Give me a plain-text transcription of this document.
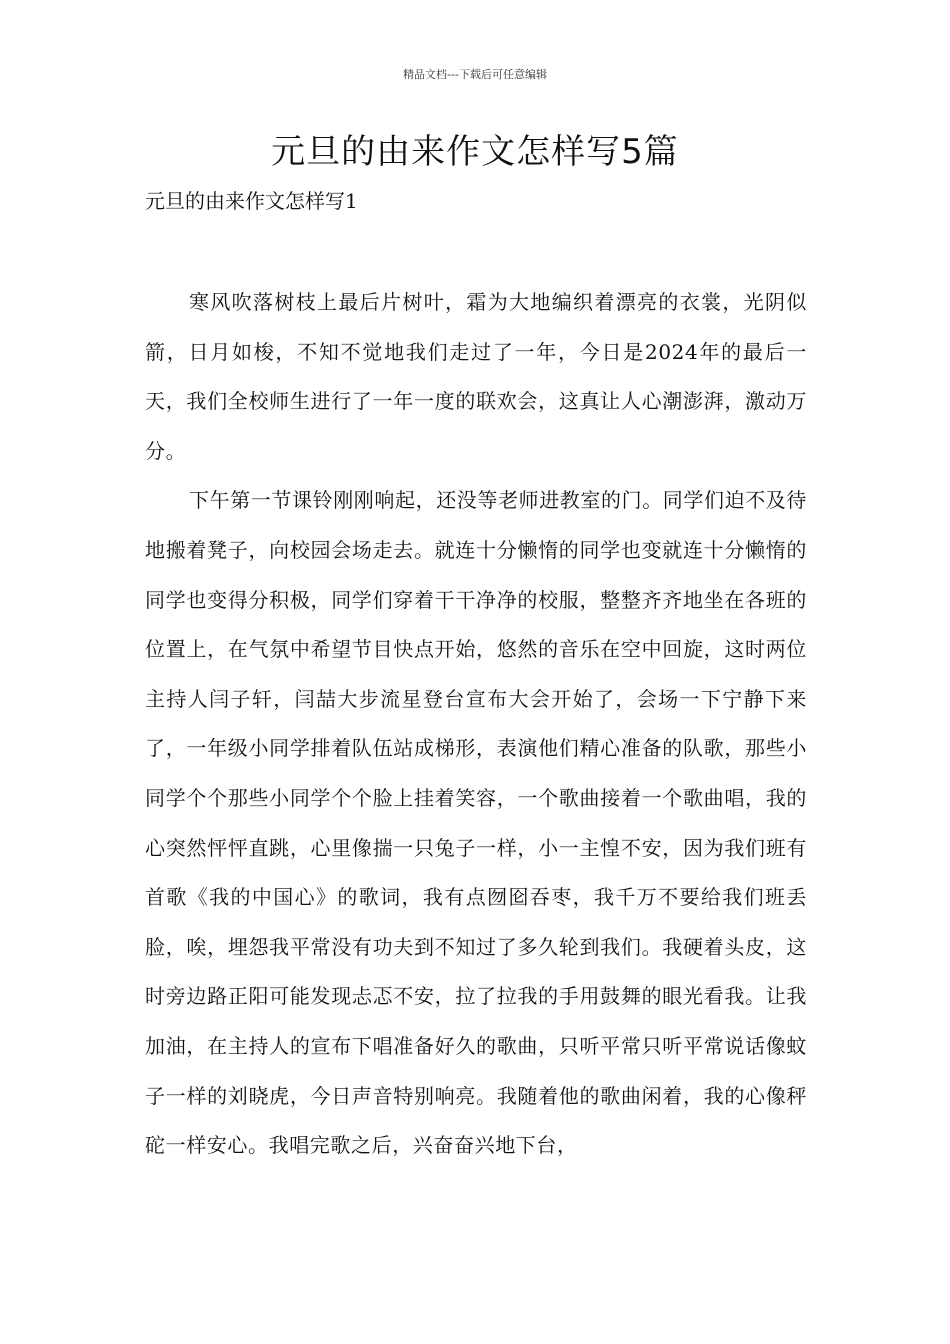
精品文档---下载后可任意编辑
元旦的由来作文怎样写5篇
元旦的由来作文怎样写1

寒风吹落树枝上最后片树叶，霜为大地编织着漂亮的衣裳，光阴似箭，日月如梭，不知不觉地我们走过了一年，今日是2024年的最后一天，我们全校师生进行了一年一度的联欢会，这真让人心潮澎湃，激动万分。

下午第一节课铃刚刚响起，还没等老师进教室的门。同学们迫不及待地搬着凳子，向校园会场走去。就连十分懒惰的同学也变就连十分懒惰的同学也变得分积极，同学们穿着干干净净的校服，整整齐齐地坐在各班的位置上，在气氛中希望节目快点开始，悠然的音乐在空中回旋，这时两位主持人闫子轩，闫喆大步流星登台宣布大会开始了，会场一下宁静下来了，一年级小同学排着队伍站成梯形，表演他们精心准备的队歌，那些小同学个个那些小同学个个脸上挂着笑容，一个歌曲接着一个歌曲唱，我的心突然怦怦直跳，心里像揣一只兔子一样，小一主惶不安，因为我们班有首歌《我的中国心》的歌词，我有点囫囵吞枣，我千万不要给我们班丢脸，唉，埋怨我平常没有功夫到不知过了多久轮到我们。我硬着头皮，这时旁边路正阳可能发现忐忑不安，拉了拉我的手用鼓舞的眼光看我。让我加油，在主持人的宣布下唱准备好久的歌曲，只听平常只听平常说话像蚊子一样的刘晓虎，今日声音特别响亮。我随着他的歌曲闲着，我的心像秤砣一样安心。我唱完歌之后，兴奋奋兴地下台，
